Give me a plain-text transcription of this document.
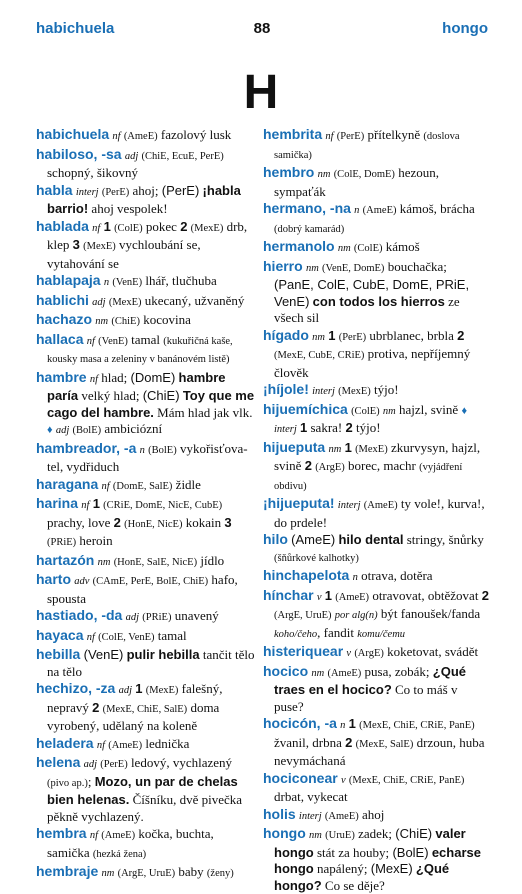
habichuela	88	hongo
H
habichuela nf (AmeE) fazolový lusk
habiloso, -sa adj (ChiE, EcuE, PerE) schopný, šikovný
habla interj (PerE) ahoj; (PerE) ¡habla barrio! ahoj vespolek!
hablada nf 1 (ColE) pokec 2 (MexE) drb, klep 3 (MexE) vychloubání se, vytahování se
hablapaja n (VenE) lhář, tlučhuba
hablichi adj (MexE) ukecaný, užvaněný
hachazo nm (ChiE) kocovina
hallaca nf (VenE) tamal (kukuřičná kaše, kousky masa a zeleniny v banánovém listě)
hambre nf hlad; (DomE) hambre paría velký hlad; (ChiE) Toy que me cago del hambre. Mám hlad jak vlk. ♦ adj (BolE) ambiciózní
hambreador, -a n (BolE) vykořisťova-tel, vydřiduch
haragana nf (DomE, SalE) židle
harina nf 1 (CRiE, DomE, NicE, CubE) prachy, love 2 (HonE, NicE) kokain 3 (PRiE) heroin
hartazón nm (HonE, SalE, NicE) jídlo
harto adv (CAmE, PerE, BolE, ChiE) hafo, spousta
hastiado, -da adj (PRiE) unavený
hayaca nf (ColE, VenE) tamal
hebilla (VenE) pulir hebilla tančit tělo na tělo
hechizo, -za adj 1 (MexE) falešný, nepravý 2 (MexE, ChiE, SalE) doma vyrobený, udělaný na koleně
heladera nf (AmeE) lednička
helena adj (PerE) ledový, vychlazený (pivo ap.); Mozo, un par de chelas bien helenas. Číšníku, dvě pivečka pěkně vychlazený.
hembra nf (AmeE) kočka, buchta, samička (hezká žena)
hembraje nm (ArgE, UruE) baby (ženy)
hembrita nf (PerE) přítelkyně (doslova samička)
hembro nm (ColE, DomE) hezoun, sympaťák
hermano, -na n (AmeE) kámoš, brácha (dobrý kamarád)
hermanolo nm (ColE) kámoš
hierro nm (VenE, DomE) bouchačka; (PanE, ColE, CubE, DomE, PRiE, VenE) con todos los hierros ze všech sil
hígado nm 1 (PerE) ubrblanec, brbla 2 (MexE, CubE, CRiE) protiva, nepříjemný člověk
¡híjole! interj (MexE) týjo!
hijuemíchica (ColE) nm hajzl, svině ♦ interj 1 sakra! 2 týjo!
hijueputa nm 1 (MexE) zkurvysyn, hajzl, svině 2 (ArgE) borec, machr (vyjádření obdivu)
¡hijueputa! interj (AmeE) ty vole!, kurva!, do prdele!
hilo (AmeE) hilo dental stringy, šnůrky (šňůrkové kalhotky)
hinchapelota n otrava, dotěra
hínchar v 1 (AmeE) otravovat, obtěžovat 2 (ArgE, UruE) por alg(n) být fanoušek/fanda koho/čeho, fandit komu/čemu
histeriquear v (ArgE) koketovat, svádět
hocico nm (AmeE) pusa, zobák; ¿Qué traes en el hocico? Co to máš v puse?
hocicón, -a n 1 (MexE, ChiE, CRiE, PanE) žvanil, drbna 2 (MexE, SalE) drzoun, huba nevymáchaná
hociconear v (MexE, ChiE, CRiE, PanE) drbat, vykecat
holis interj (AmeE) ahoj
hongo nm (UruE) zadek; (ChiE) valer hongo stát za houby; (BolE) echarse hongo napálený; (MexE) ¿Qué hongo? Co se děje?
